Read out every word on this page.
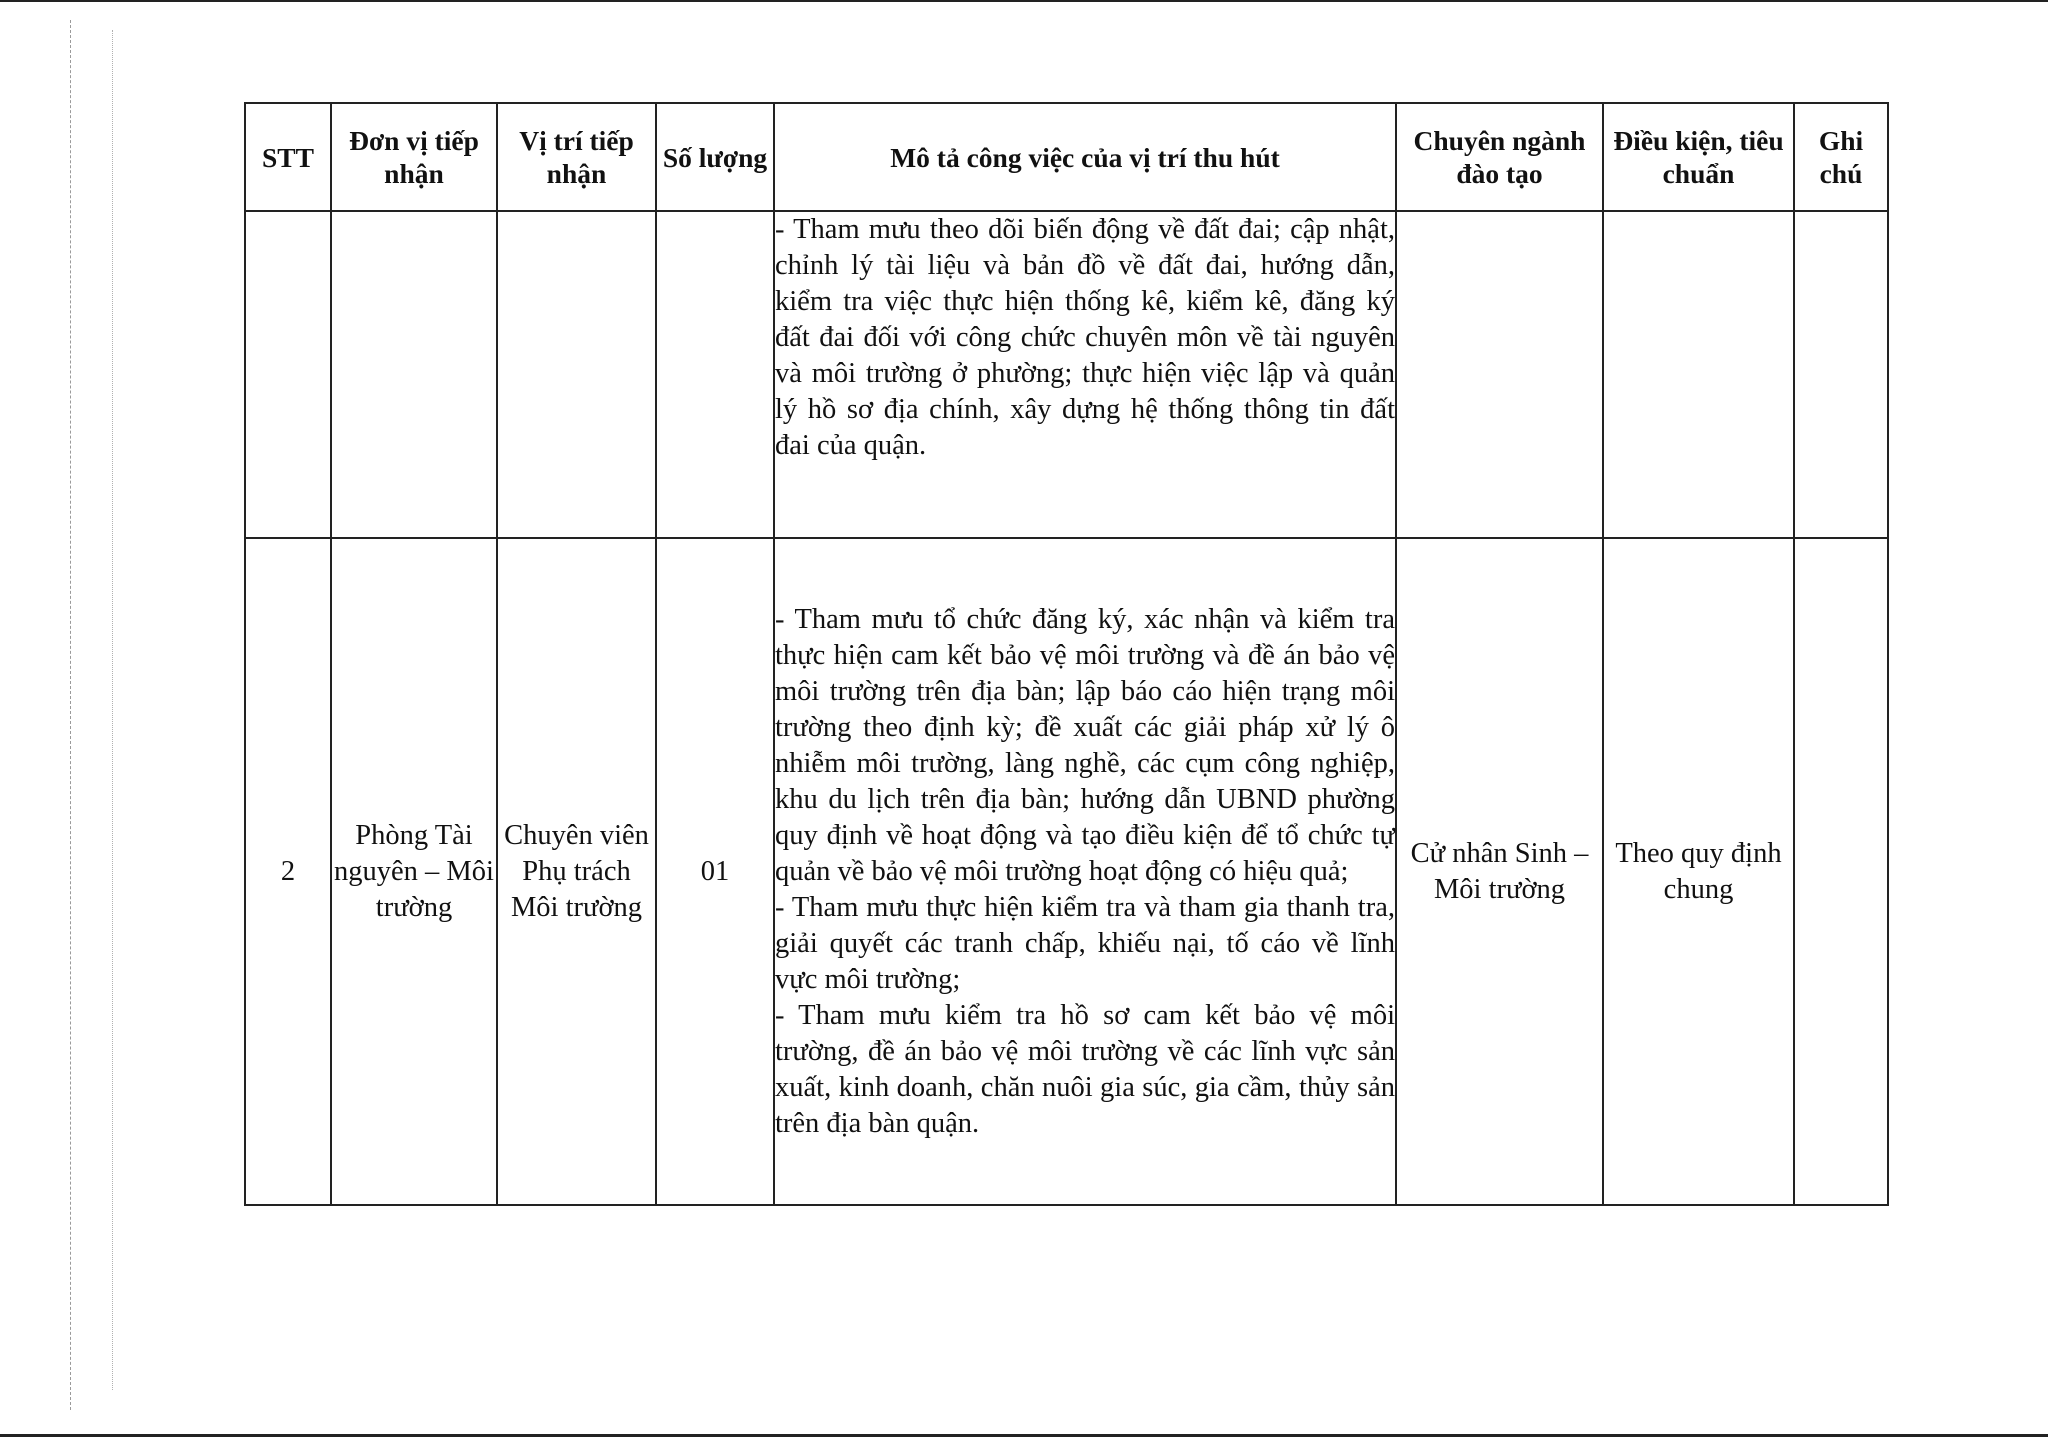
STT	Đơn vị tiếp nhận	Vị trí tiếp nhận	Số lượng	Mô tả công việc của vị trí thu hút	Chuyên ngành đào tạo	Điều kiện, tiêu chuẩn	Ghi chú
				- Tham mưu theo dõi biến động về đất đai; cập nhật, chỉnh lý tài liệu và bản đồ về đất đai, hướng dẫn, kiểm tra việc thực hiện thống kê, kiểm kê, đăng ký đất đai đối với công chức chuyên môn về tài nguyên và môi trường ở phường; thực hiện việc lập và quản lý hồ sơ địa chính, xây dựng hệ thống thông tin đất đai của quận.			
2	Phòng Tài nguyên – Môi trường	Chuyên viên Phụ trách Môi trường	01	- Tham mưu tổ chức đăng ký, xác nhận và kiểm tra thực hiện cam kết bảo vệ môi trường và đề án bảo vệ môi trường trên địa bàn; lập báo cáo hiện trạng môi trường theo định kỳ; đề xuất các giải pháp xử lý ô nhiễm môi trường, làng nghề, các cụm công nghiệp, khu du lịch trên địa bàn; hướng dẫn UBND phường quy định về hoạt động và tạo điều kiện để tổ chức tự quản về bảo vệ môi trường hoạt động có hiệu quả;
- Tham mưu thực hiện kiểm tra và tham gia thanh tra, giải quyết các tranh chấp, khiếu nại, tố cáo về lĩnh vực môi trường;
- Tham mưu kiểm tra hồ sơ cam kết bảo vệ môi trường, đề án bảo vệ môi trường về các lĩnh vực sản xuất, kinh doanh, chăn nuôi gia súc, gia cầm, thủy sản trên địa bàn quận.	Cử nhân Sinh – Môi trường	Theo quy định chung	
